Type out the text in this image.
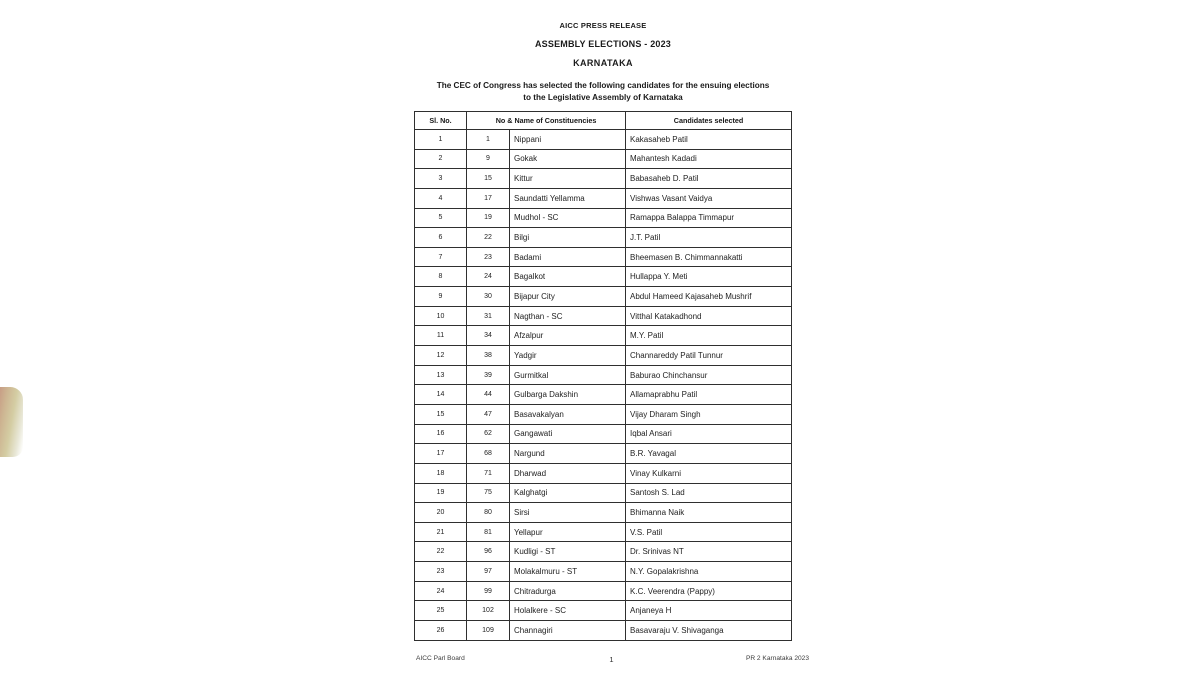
AICC PRESS RELEASE
ASSEMBLY ELECTIONS - 2023
KARNATAKA
The CEC of Congress has selected the following candidates for the ensuing elections
to the Legislative Assembly of Karnataka
Sl. No.	No & Name of Constituencies		Candidates selected
1	1	Nippani	Kakasaheb Patil
2	9	Gokak	Mahantesh Kadadi
3	15	Kittur	Babasaheb D. Patil
4	17	Saundatti Yellamma	Vishwas Vasant Vaidya
5	19	Mudhol - SC	Ramappa Balappa Timmapur
6	22	Bilgi	J.T. Patil
7	23	Badami	Bheemasen B. Chimmannakatti
8	24	Bagalkot	Hullappa Y. Meti
9	30	Bijapur City	Abdul Hameed Kajasaheb Mushrif
10	31	Nagthan - SC	Vitthal Katakadhond
11	34	Afzalpur	M.Y. Patil
12	38	Yadgir	Channareddy Patil Tunnur
13	39	Gurmitkal	Baburao Chinchansur
14	44	Gulbarga Dakshin	Allamaprabhu Patil
15	47	Basavakalyan	Vijay Dharam Singh
16	62	Gangawati	Iqbal Ansari
17	68	Nargund	B.R. Yavagal
18	71	Dharwad	Vinay Kulkarni
19	75	Kalghatgi	Santosh S. Lad
20	80	Sirsi	Bhimanna Naik
21	81	Yellapur	V.S. Patil
22	96	Kudligi - ST	Dr. Srinivas NT
23	97	Molakalmuru - ST	N.Y. Gopalakrishna
24	99	Chitradurga	K.C. Veerendra (Pappy)
25	102	Holalkere - SC	Anjaneya H
26	109	Channagiri	Basavaraju V. Shivaganga
AICC Parl Board	1	PR 2 Karnataka 2023
